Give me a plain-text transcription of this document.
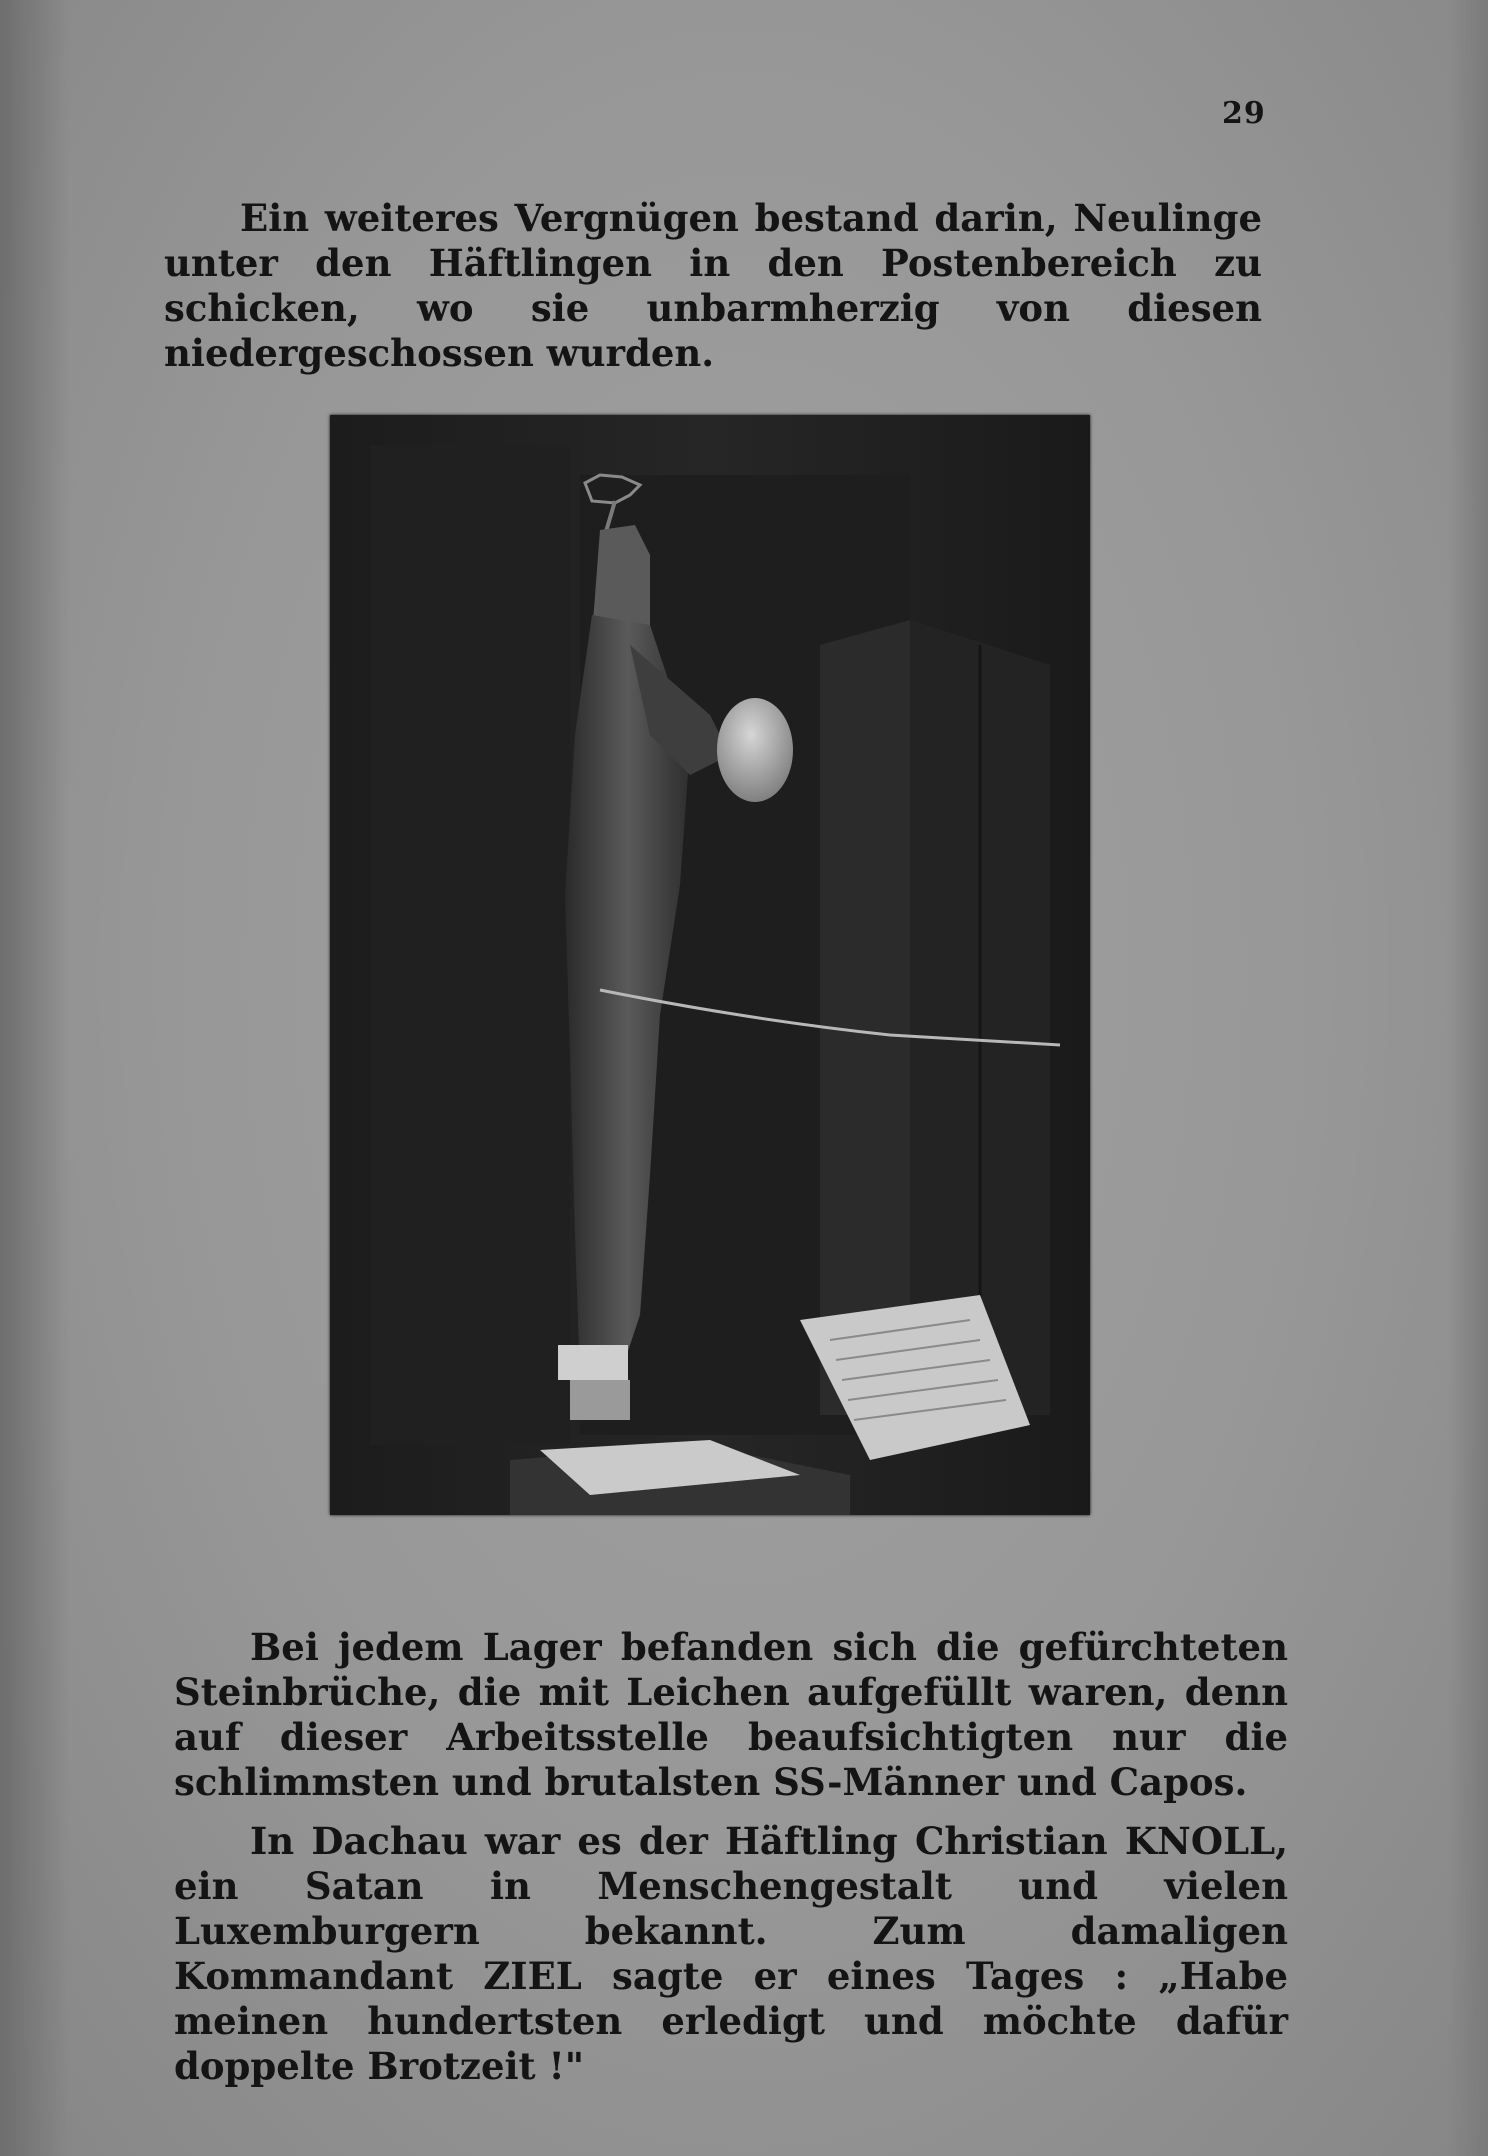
29

Ein weiteres Vergnügen bestand darin, Neulinge unter den Häftlingen in den Postenbereich zu schicken, wo sie unbarmherzig von diesen niedergeschossen wurden.

Bei jedem Lager befanden sich die gefürchteten Steinbrüche, die mit Leichen aufgefüllt waren, denn auf dieser Arbeitsstelle beaufsichtigten nur die schlimmsten und brutalsten SS-Männer und Capos.

In Dachau war es der Häftling Christian KNOLL, ein Satan in Menschengestalt und vielen Luxemburgern bekannt. Zum damaligen Kommandant ZIEL sagte er eines Tages : „Habe meinen hundertsten erledigt und möchte dafür doppelte Brotzeit !"
